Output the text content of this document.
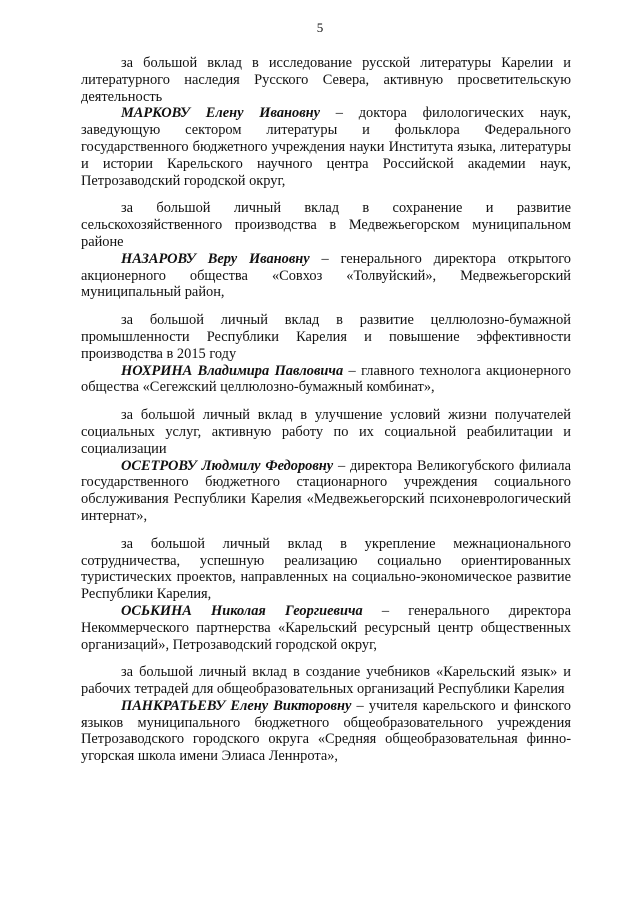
5

за большой вклад в исследование русской литературы Карелии и литературного наследия Русского Севера, активную просветительскую деятельность

МАРКОВУ Елену Ивановну – доктора филологических наук, заведующую сектором литературы и фольклора Федерального государственного бюджетного учреждения науки Института языка, литературы и истории Карельского научного центра Российской академии наук, Петрозаводский городской округ,

за большой личный вклад в сохранение и развитие сельскохозяйственного производства в Медвежьегорском муниципальном районе

НАЗАРОВУ Веру Ивановну – генерального директора открытого акционерного общества «Совхоз «Толвуйский», Медвежьегорский муниципальный район,

за большой личный вклад в развитие целлюлозно-бумажной промышленности Республики Карелия и повышение эффективности производства в 2015 году

НОХРИНА Владимира Павловича – главного технолога акционерного общества «Сегежский целлюлозно-бумажный комбинат»,

за большой личный вклад в улучшение условий жизни получателей социальных услуг, активную работу по их социальной реабилитации и социализации

ОСЕТРОВУ Людмилу Федоровну – директора Великогубского филиала государственного бюджетного стационарного учреждения социального обслуживания Республики Карелия «Медвежьегорский психоневрологический интернат»,

за большой личный вклад в укрепление межнационального сотрудничества, успешную реализацию социально ориентированных туристических проектов, направленных на социально-экономическое развитие Республики Карелия,

ОСЬКИНА Николая Георгиевича – генерального директора Некоммерческого партнерства «Карельский ресурсный центр общественных организаций», Петрозаводский городской округ,

за большой личный вклад в создание учебников «Карельский язык» и рабочих тетрадей для общеобразовательных организаций Республики Карелия

ПАНКРАТЬЕВУ Елену Викторовну – учителя карельского и финского языков муниципального бюджетного общеобразовательного учреждения Петрозаводского городского округа «Средняя общеобразовательная финно-угорская школа имени Элиаса Леннрота»,
